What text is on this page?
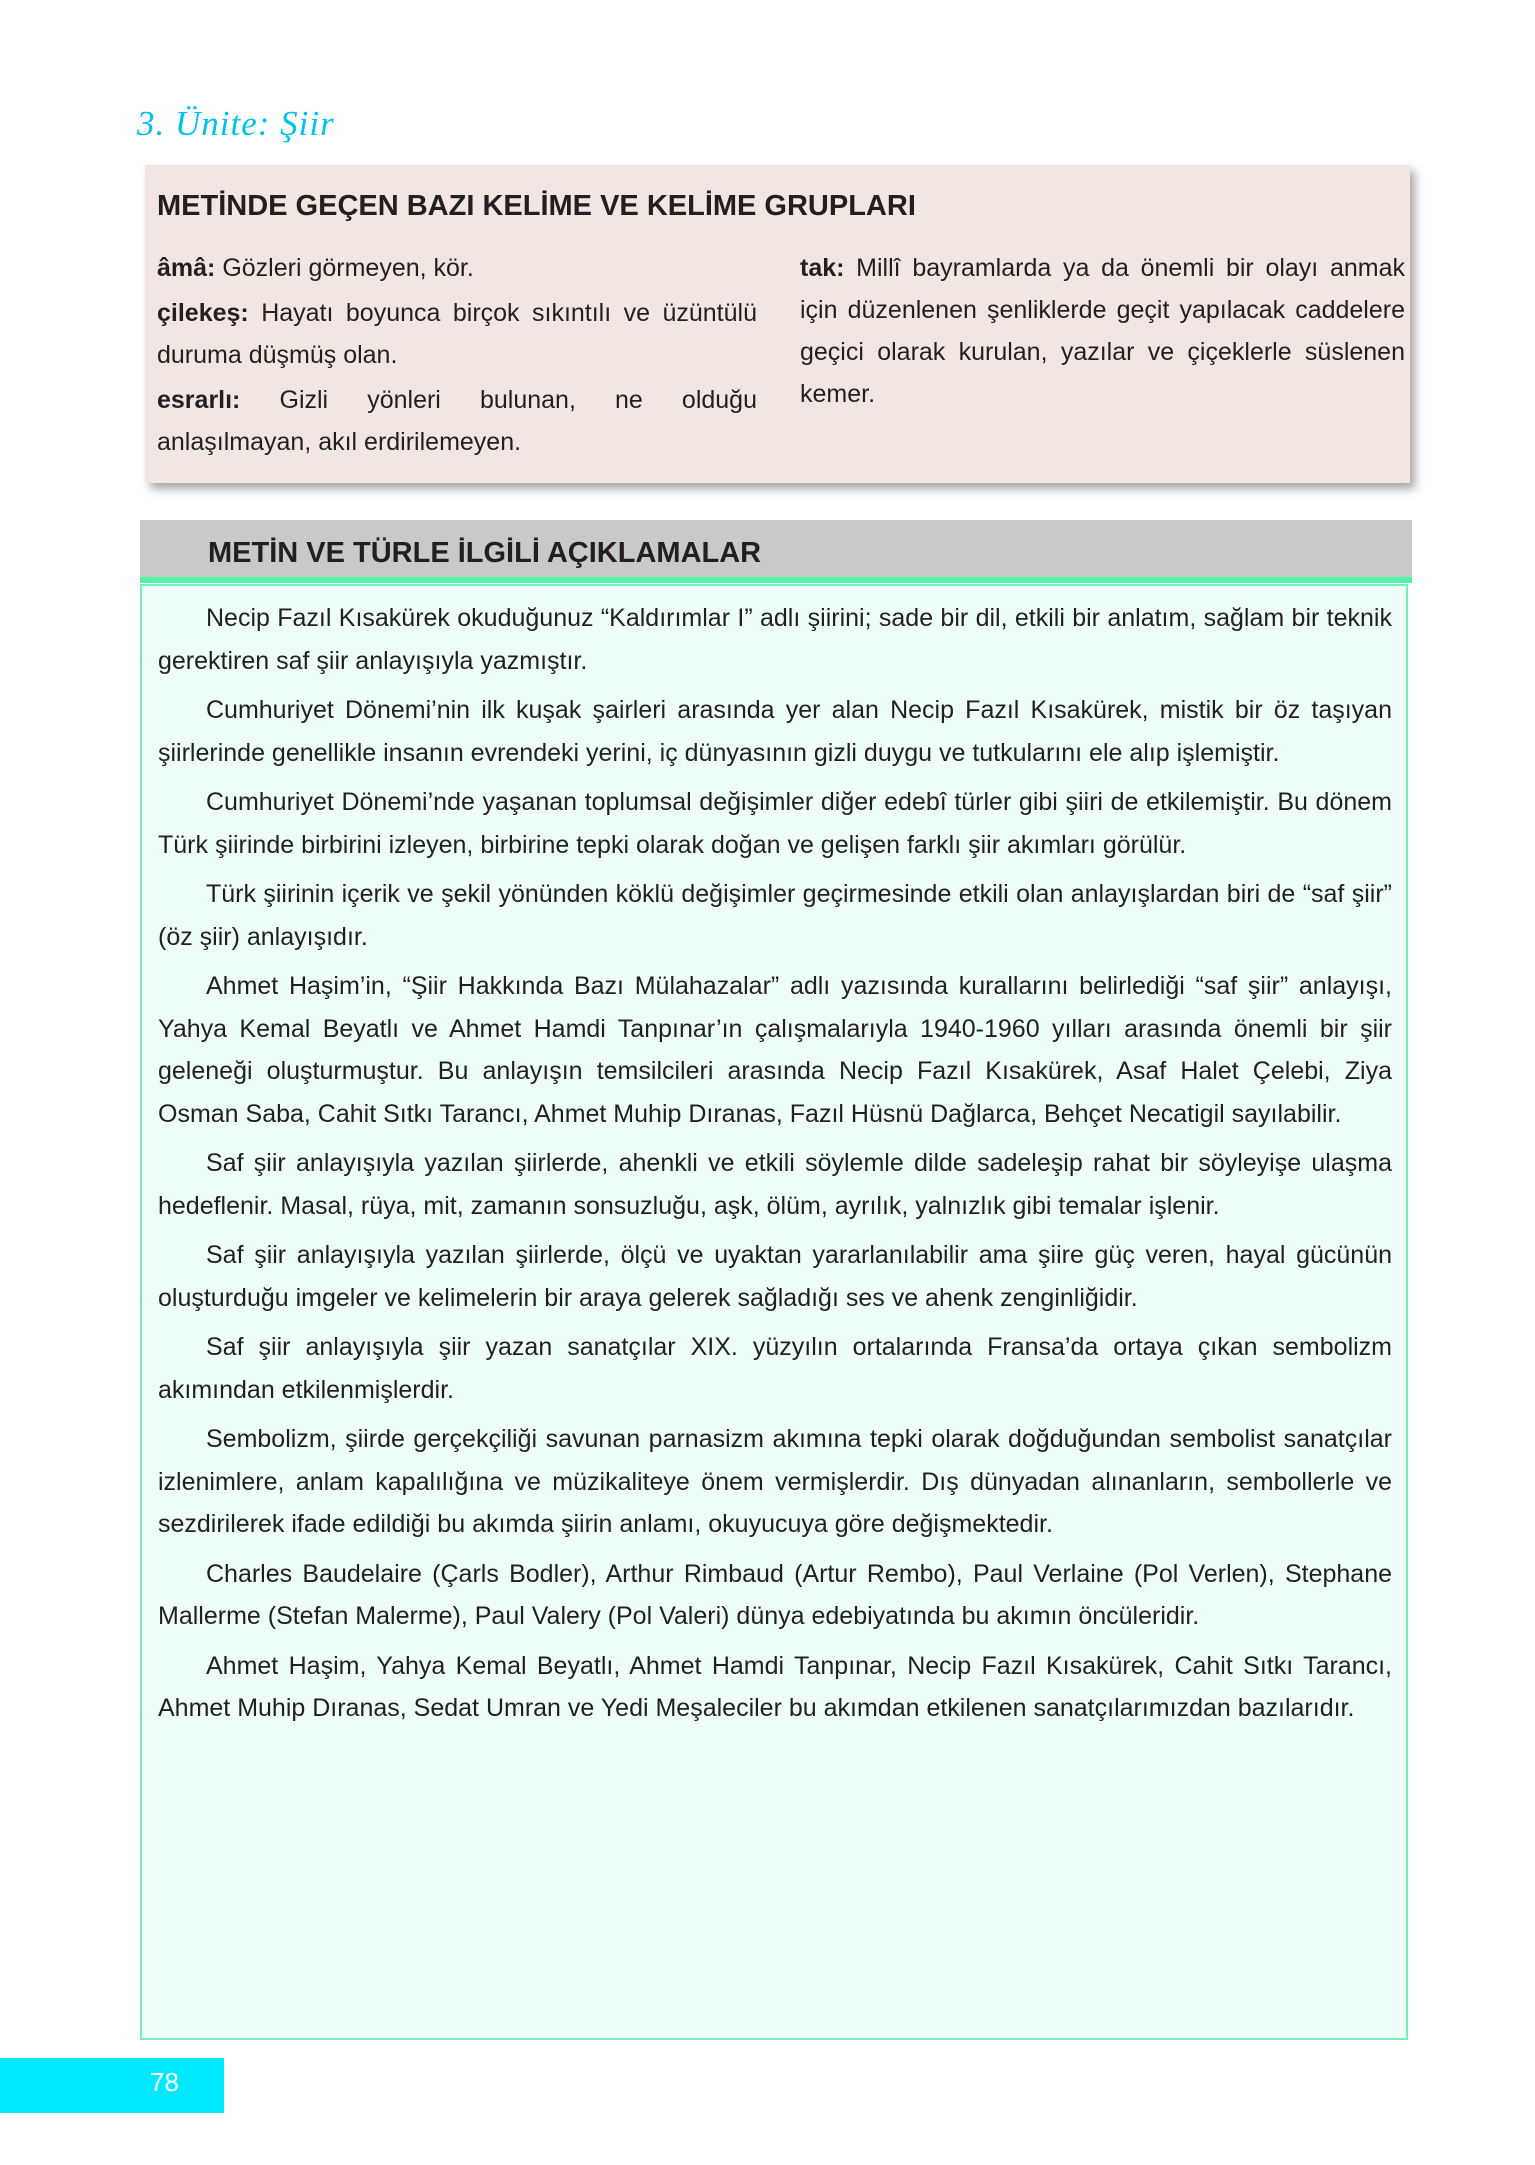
3. Ünite: Şiir
METİNDE GEÇEN BAZI KELİME VE KELİME GRUPLARI

âmâ: Gözleri görmeyen, kör.

çilekeş: Hayatı boyunca birçok sıkıntılı ve üzüntülü duruma düşmüş olan.

esrarlı: Gizli yönleri bulunan, ne olduğu anlaşılmayan, akıl erdirilemeyen.

tak: Millî bayramlarda ya da önemli bir olayı anmak için düzenlenen şenliklerde geçit yapılacak caddelere geçici olarak kurulan, yazılar ve çiçeklerle süslenen kemer.

METİN VE TÜRLE İLGİLİ AÇIKLAMALAR

Necip Fazıl Kısakürek okuduğunuz “Kaldırımlar I” adlı şiirini; sade bir dil, etkili bir anlatım, sağlam bir teknik gerektiren saf şiir anlayışıyla yazmıştır.

Cumhuriyet Dönemi’nin ilk kuşak şairleri arasında yer alan Necip Fazıl Kısakürek, mistik bir öz taşıyan şiirlerinde genellikle insanın evrendeki yerini, iç dünyasının gizli duygu ve tutkularını ele alıp işlemiştir.

Cumhuriyet Dönemi’nde yaşanan toplumsal değişimler diğer edebî türler gibi şiiri de etkilemiştir. Bu dönem Türk şiirinde birbirini izleyen, birbirine tepki olarak doğan ve gelişen farklı şiir akımları görülür.

Türk şiirinin içerik ve şekil yönünden köklü değişimler geçirmesinde etkili olan anlayışlardan biri de “saf şiir” (öz şiir) anlayışıdır.

Ahmet Haşim’in, “Şiir Hakkında Bazı Mülahazalar” adlı yazısında kurallarını belirlediği “saf şiir” anlayışı, Yahya Kemal Beyatlı ve Ahmet Hamdi Tanpınar’ın çalışmalarıyla 1940-1960 yılları arasında önemli bir şiir geleneği oluşturmuştur. Bu anlayışın temsilcileri arasında Necip Fazıl Kısakürek, Asaf Halet Çelebi, Ziya Osman Saba, Cahit Sıtkı Tarancı, Ahmet Muhip Dıranas, Fazıl Hüsnü Dağlarca, Behçet Necatigil sayılabilir.

Saf şiir anlayışıyla yazılan şiirlerde, ahenkli ve etkili söylemle dilde sadeleşip rahat bir söyleyişe ulaşma hedeflenir. Masal, rüya, mit, zamanın sonsuzluğu, aşk, ölüm, ayrılık, yalnızlık gibi temalar işlenir.

Saf şiir anlayışıyla yazılan şiirlerde, ölçü ve uyaktan yararlanılabilir ama şiire güç veren, hayal gücünün oluşturduğu imgeler ve kelimelerin bir araya gelerek sağladığı ses ve ahenk zenginliğidir.

Saf şiir anlayışıyla şiir yazan sanatçılar XIX. yüzyılın ortalarında Fransa’da ortaya çıkan sembolizm akımından etkilenmişlerdir.

Sembolizm, şiirde gerçekçiliği savunan parnasizm akımına tepki olarak doğduğundan sembolist sanatçılar izlenimlere, anlam kapalılığına ve müzikaliteye önem vermişlerdir. Dış dünyadan alınanların, sembollerle ve sezdirilerek ifade edildiği bu akımda şiirin anlamı, okuyucuya göre değişmektedir.

Charles Baudelaire (Çarls Bodler), Arthur Rimbaud (Artur Rembo), Paul Verlaine (Pol Verlen), Stephane Mallerme (Stefan Malerme), Paul Valery (Pol Valeri) dünya edebiyatında bu akımın öncüleridir.

Ahmet Haşim, Yahya Kemal Beyatlı, Ahmet Hamdi Tanpınar, Necip Fazıl Kısakürek, Cahit Sıtkı Tarancı, Ahmet Muhip Dıranas, Sedat Umran ve Yedi Meşaleciler bu akımdan etkilenen sanatçılarımızdan bazılarıdır.

78
